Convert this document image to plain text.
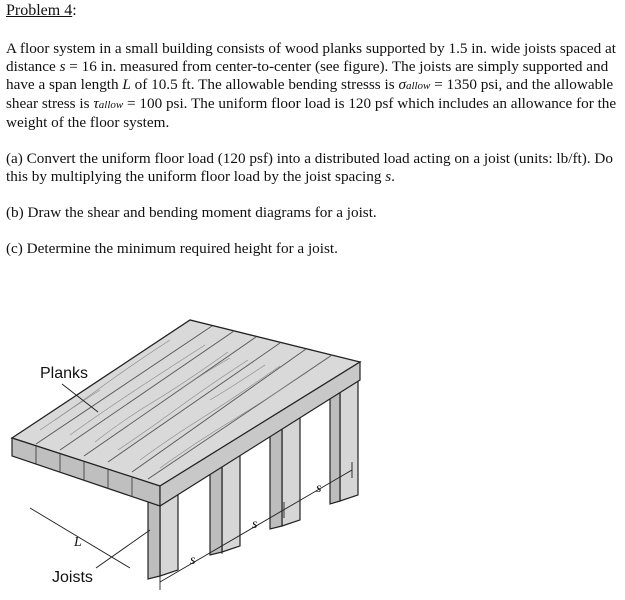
Problem 4:
A floor system in a small building consists of wood planks supported by 1.5 in. wide joists spaced at distance s = 16 in. measured from center-to-center (see figure). The joists are simply supported and have a span length L of 10.5 ft. The allowable bending stresss is σallow = 1350 psi, and the allowable shear stress is τallow = 100 psi. The uniform floor load is 120 psf which includes an allowance for the weight of the floor system.
(a) Convert the uniform floor load (120 psf) into a distributed load acting on a joist (units: lb/ft). Do this by multiplying the uniform floor load by the joist spacing s.
(b) Draw the shear and bending moment diagrams for a joist.
(c) Determine the minimum required height for a joist.
Planks
L
Joists
s
s
s
